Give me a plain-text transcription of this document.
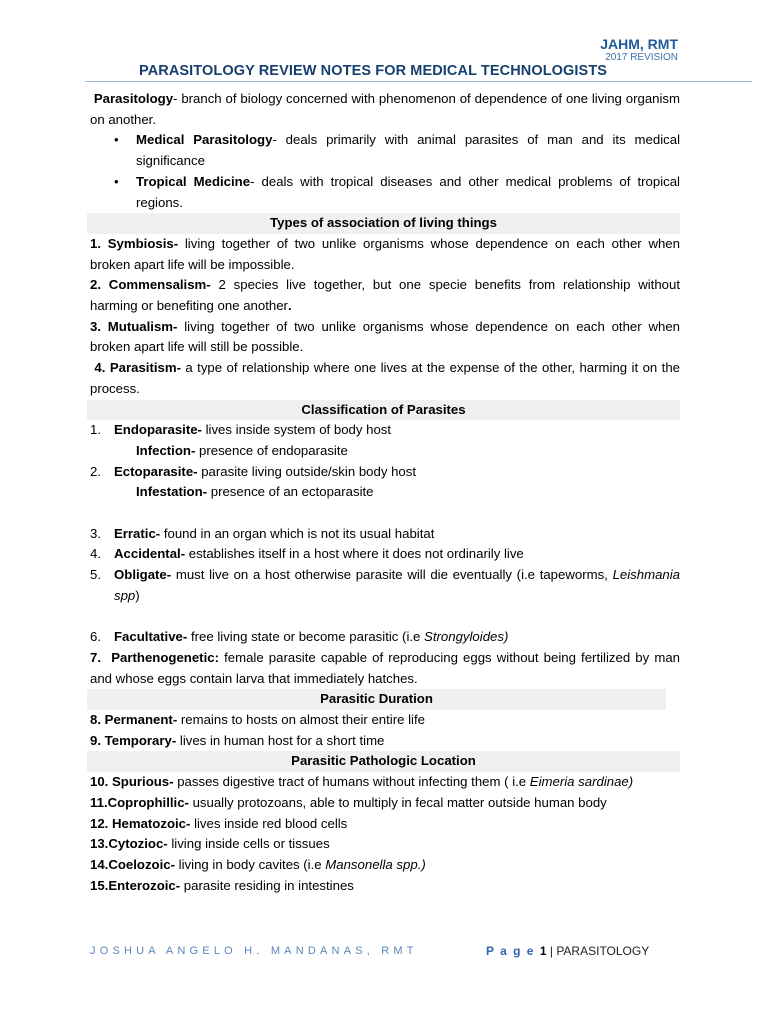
JAHM, RMT
2017 REVISION
PARASITOLOGY REVIEW NOTES FOR MEDICAL TECHNOLOGISTS
Parasitology- branch of biology concerned with phenomenon of dependence of one living organism on another.
•	Medical Parasitology- deals primarily with animal parasites of man and its medical significance
•	Tropical Medicine- deals with tropical diseases and other medical problems of tropical regions.
Types of association of living things
1. Symbiosis- living together of two unlike organisms whose dependence on each other when broken apart life will be impossible.
2. Commensalism- 2 species live together, but one specie benefits from relationship without harming or benefiting one another.
3. Mutualism- living together of two unlike organisms whose dependence on each other when broken apart life will still be possible.
4. Parasitism- a type of relationship where one lives at the expense of the other, harming it on the process.
Classification of Parasites
1. Endoparasite- lives inside system of body host
Infection- presence of endoparasite
2. Ectoparasite- parasite living outside/skin body host
Infestation- presence of an ectoparasite
3. Erratic- found in an organ which is not its usual habitat
4. Accidental- establishes itself in a host where it does not ordinarily live
5. Obligate- must live on a host otherwise parasite will die eventually (i.e tapeworms, Leishmania spp)
6. Facultative- free living state or become parasitic (i.e Strongyloides)
7.  Parthenogenetic: female parasite capable of reproducing eggs without being fertilized by man and whose eggs contain larva that immediately hatches.
Parasitic Duration
8. Permanent- remains to hosts on almost their entire life
9. Temporary- lives in human host for a short time
Parasitic Pathologic Location
10. Spurious- passes digestive tract of humans without infecting them ( i.e Eimeria sardinae)
11.Coprophillic- usually protozoans, able to multiply in fecal matter outside human body
12. Hematozoic- lives inside red blood cells
13.Cytozioc- living inside cells or tissues
14.Coelozoic- living in body cavites (i.e Mansonella spp.)
15.Enterozoic- parasite residing in intestines
JOSHUA ANGELO H. MANDANAS, RMT	P a g e 1 | PARASITOLOGY
